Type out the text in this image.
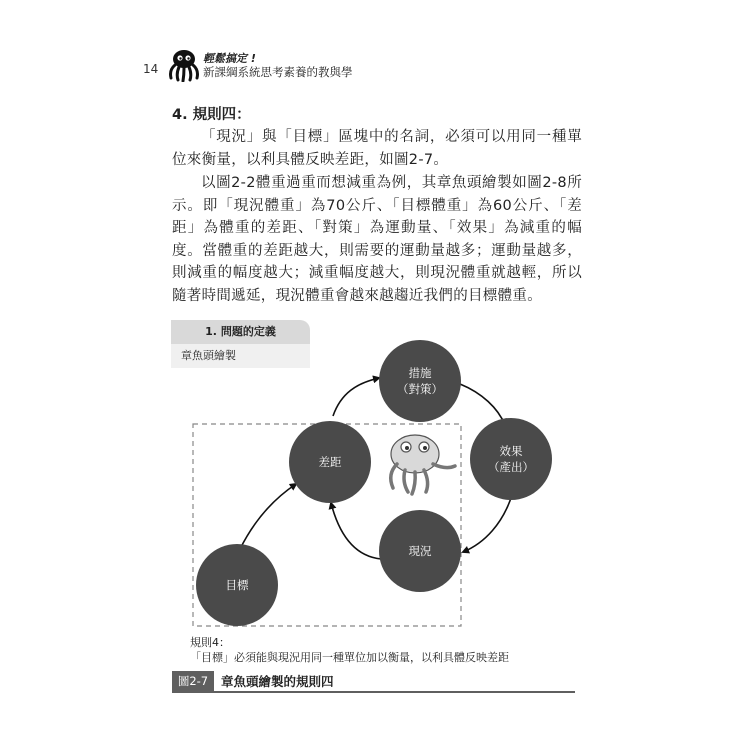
14
輕鬆搞定 !
新課綱系統思考素養的教與學
4. 規則四：

「現況」與「目標」區塊中的名詞，必須可以用同一種單位來衡量，以利具體反映差距，如圖2-7。

以圖2-2體重過重而想減重為例，其章魚頭繪製如圖2-8所示。即「現況體重」為70公斤、「目標體重」為60公斤、「差距」為體重的差距、「對策」為運動量、「效果」為減重的幅度。當體重的差距越大，則需要的運動量越多；運動量越多，則減重的幅度越大；減重幅度越大，則現況體重就越輕，所以隨著時間遞延，現況體重會越來越趨近我們的目標體重。

1. 問題的定義
章魚頭繪製
措施
（對策）
差距
效果
（產出）
現況
目標
規則4：
「目標」必須能與現況用同一種單位加以衡量，以利具體反映差距
圖2-7	章魚頭繪製的規則四
